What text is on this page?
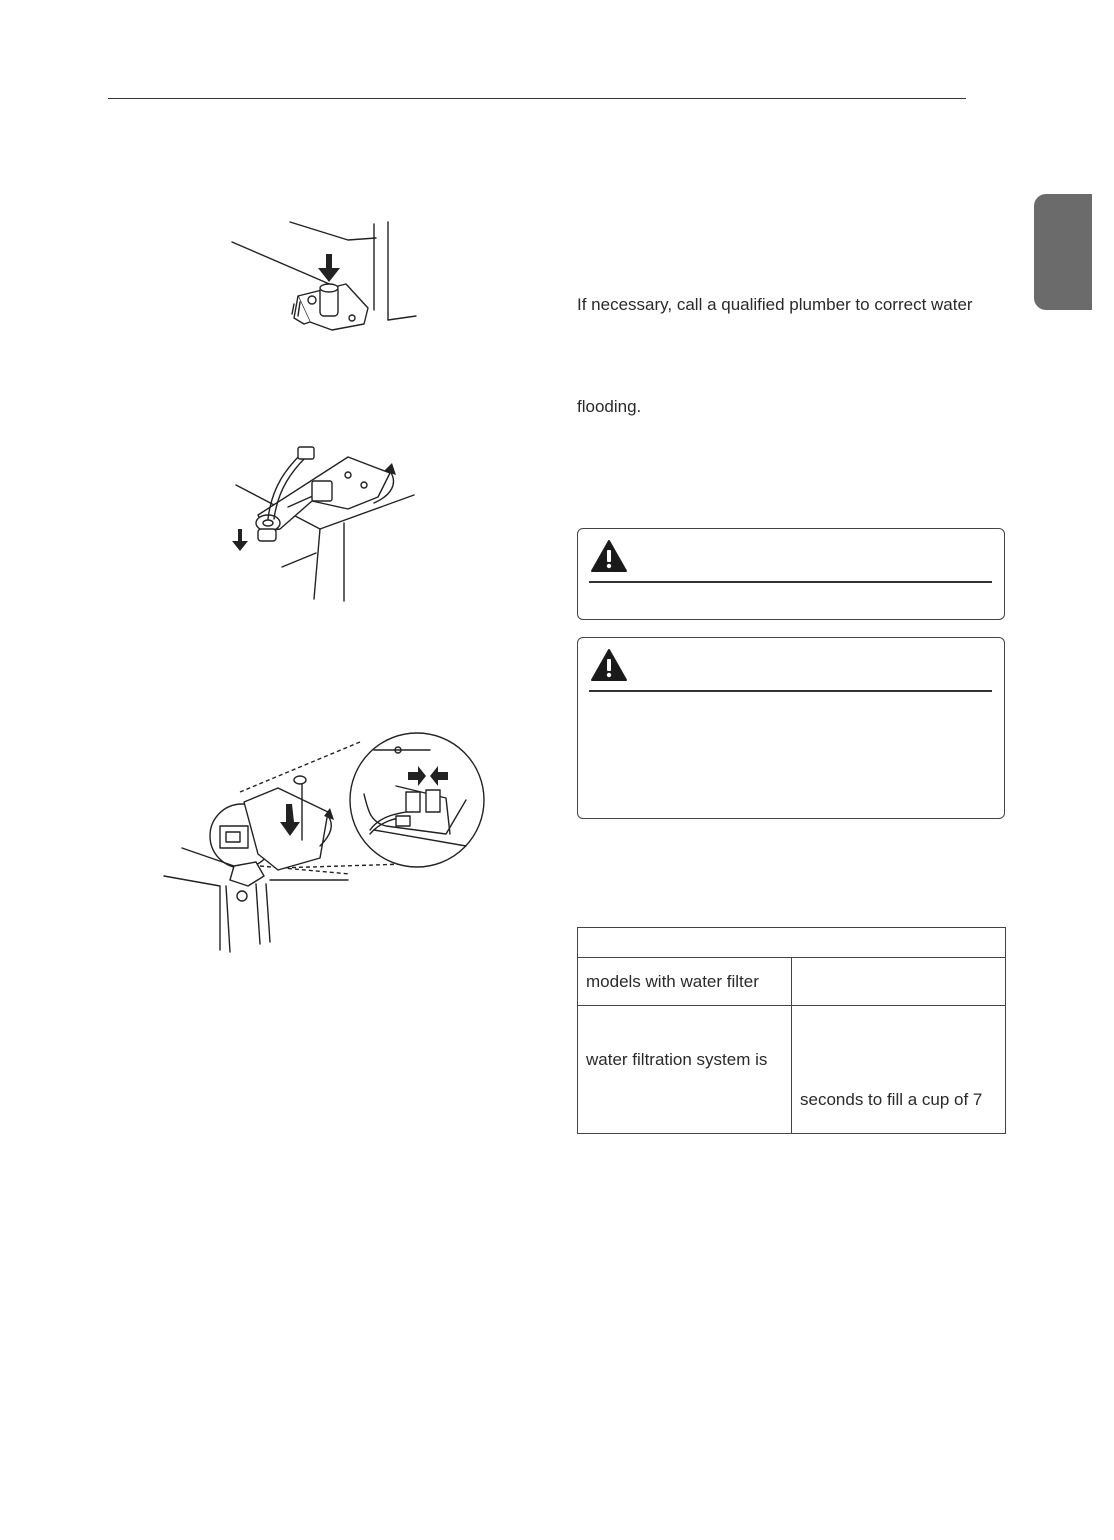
If necessary, call a qualified plumber to correct water
flooding.

models with water filter	
water filtration system is	seconds to fill a cup of 7
